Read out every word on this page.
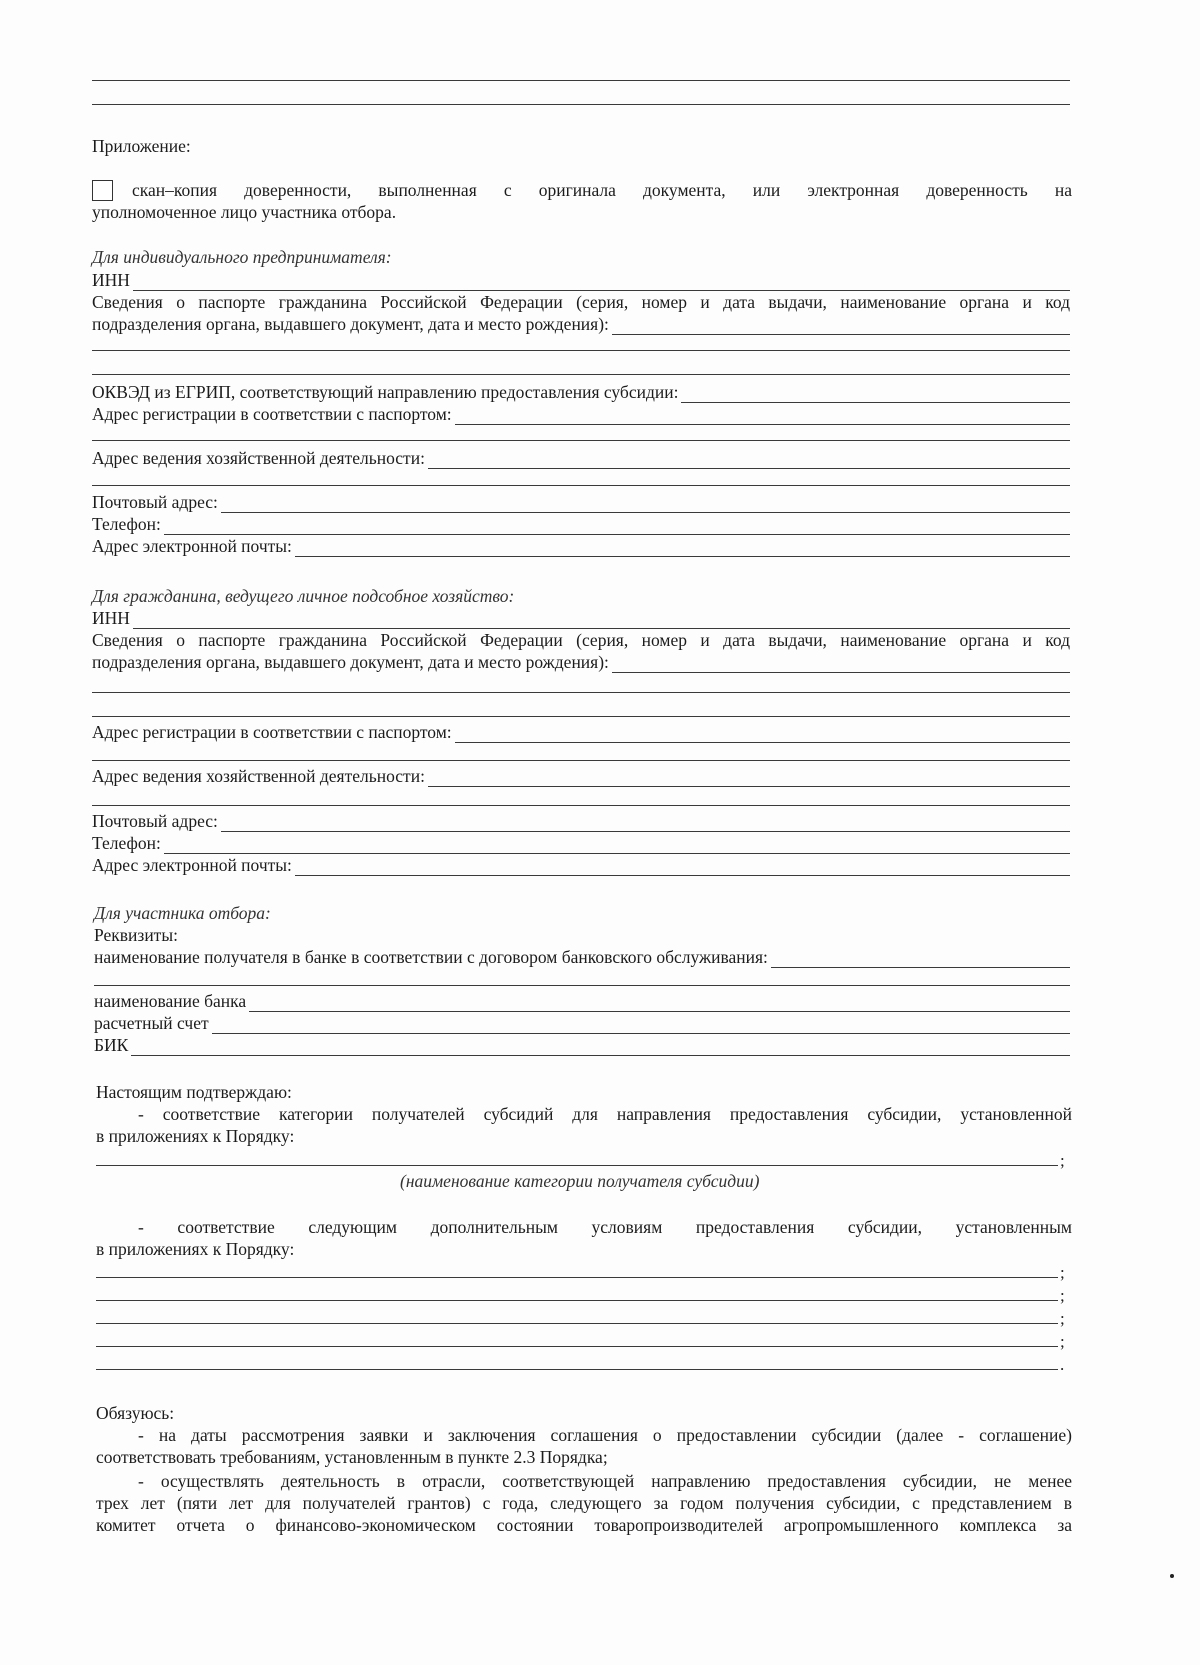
Приложение:
скан–копия доверенности, выполненная с оригинала документа, или электронная доверенность на
уполномоченное лицо участника отбора.
Для индивидуального предпринимателя:
ИНН
Сведения о паспорте гражданина Российской Федерации (серия, номер и дата выдачи, наименование органа и код
подразделения органа, выдавшего документ, дата и место рождения):
ОКВЭД из ЕГРИП, соответствующий направлению предоставления субсидии:
Адрес регистрации в соответствии с паспортом:
Адрес ведения хозяйственной деятельности:
Почтовый адрес:
Телефон:
Адрес электронной почты:
Для гражданина, ведущего личное подсобное хозяйство:
ИНН
Сведения о паспорте гражданина Российской Федерации (серия, номер и дата выдачи, наименование органа и код
подразделения органа, выдавшего документ, дата и место рождения):
Адрес регистрации в соответствии с паспортом:
Адрес ведения хозяйственной деятельности:
Почтовый адрес:
Телефон:
Адрес электронной почты:
Для участника отбора:
Реквизиты:
наименование получателя в банке в соответствии с договором банковского обслуживания:
наименование банка
расчетный счет
БИК
Настоящим подтверждаю:
- соответствие категории получателей субсидий для направления предоставления субсидии, установленной
в приложениях к Порядку:
;
(наименование категории получателя субсидии)
- соответствие следующим дополнительным условиям предоставления субсидии, установленным
в приложениях к Порядку:
;
;
;
;
.
Обязуюсь:
- на даты рассмотрения заявки и заключения соглашения о предоставлении субсидии (далее - соглашение)
соответствовать требованиям, установленным в пункте 2.3 Порядка;
- осуществлять деятельность в отрасли, соответствующей направлению предоставления субсидии, не менее
трех лет (пяти лет для получателей грантов) с года, следующего за годом получения субсидии, с представлением в
комитет отчета о финансово-экономическом состоянии товаропроизводителей агропромышленного комплекса за
